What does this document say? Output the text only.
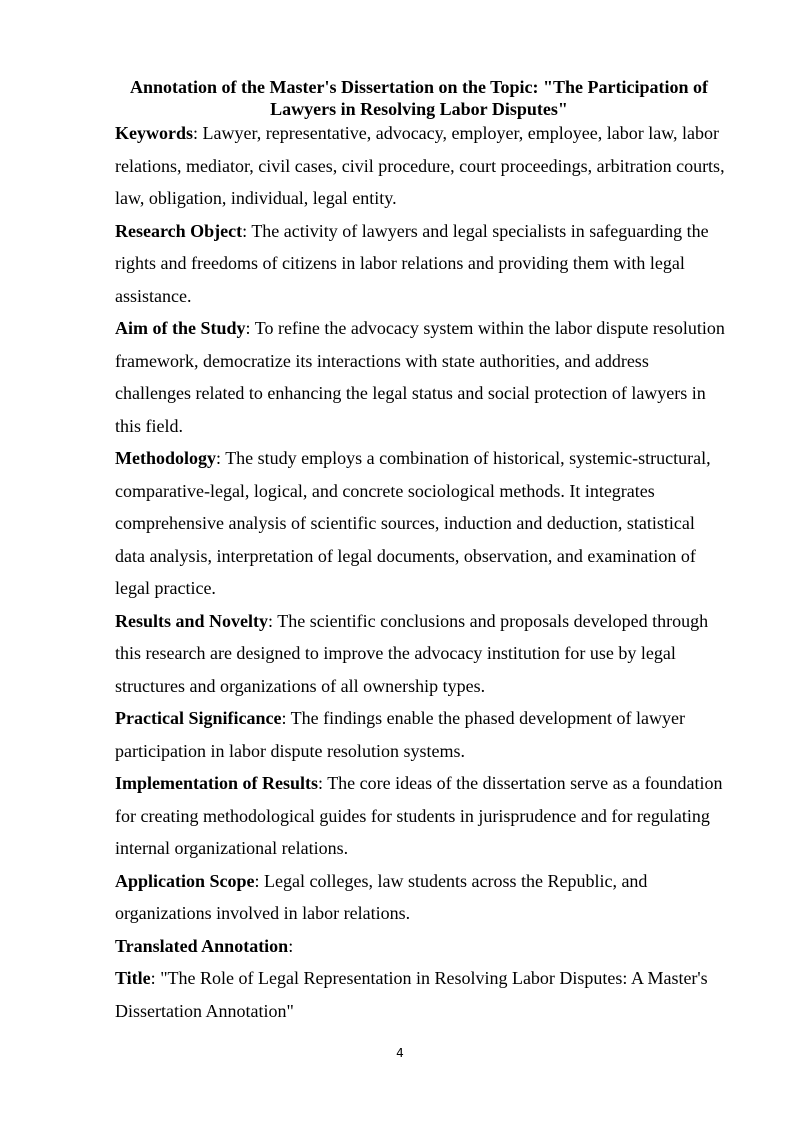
Annotation of the Master's Dissertation on the Topic: "The Participation of Lawyers in Resolving Labor Disputes"

Keywords: Lawyer, representative, advocacy, employer, employee, labor law, labor relations, mediator, civil cases, civil procedure, court proceedings, arbitration courts, law, obligation, individual, legal entity.

Research Object: The activity of lawyers and legal specialists in safeguarding the rights and freedoms of citizens in labor relations and providing them with legal assistance.

Aim of the Study: To refine the advocacy system within the labor dispute resolution framework, democratize its interactions with state authorities, and address challenges related to enhancing the legal status and social protection of lawyers in this field.

Methodology: The study employs a combination of historical, systemic-structural, comparative-legal, logical, and concrete sociological methods. It integrates comprehensive analysis of scientific sources, induction and deduction, statistical data analysis, interpretation of legal documents, observation, and examination of legal practice.

Results and Novelty: The scientific conclusions and proposals developed through this research are designed to improve the advocacy institution for use by legal structures and organizations of all ownership types.

Practical Significance: The findings enable the phased development of lawyer participation in labor dispute resolution systems.

Implementation of Results: The core ideas of the dissertation serve as a foundation for creating methodological guides for students in jurisprudence and for regulating internal organizational relations.

Application Scope: Legal colleges, law students across the Republic, and organizations involved in labor relations.

Translated Annotation:

Title: "The Role of Legal Representation in Resolving Labor Disputes: A Master's Dissertation Annotation"

4
